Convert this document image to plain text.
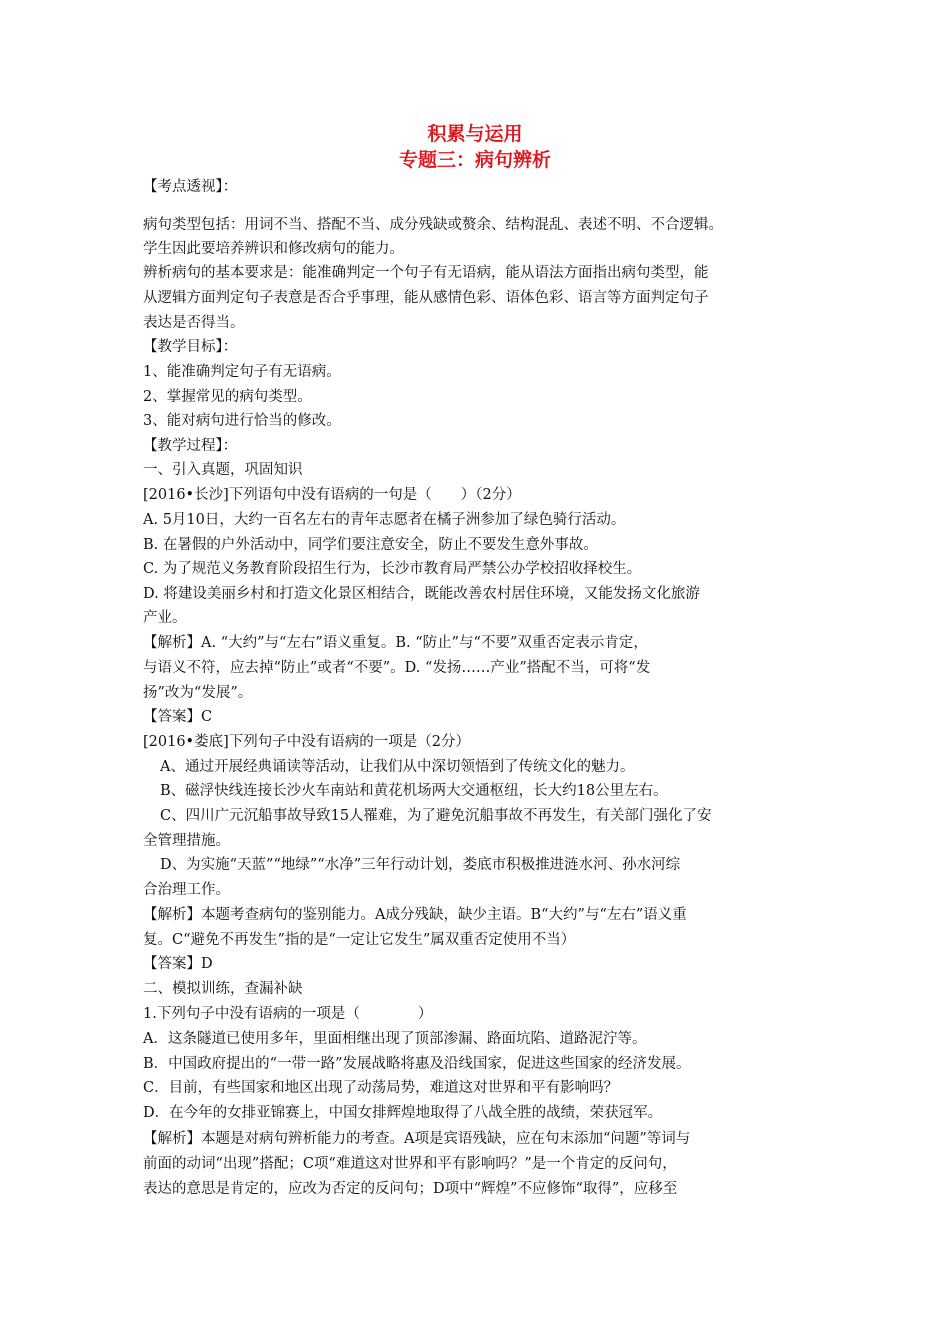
积累与运用
专题三：病句辨析
【考点透视】：
病句类型包括：用词不当、搭配不当、成分残缺或赘余、结构混乱、表述不明、不合逻辑。
学生因此要培养辨识和修改病句的能力。
辨析病句的基本要求是：能准确判定一个句子有无语病，能从语法方面指出病句类型，能
从逻辑方面判定句子表意是否合乎事理，能从感情色彩、语体色彩、语言等方面判定句子
表达是否得当。
【教学目标】：
1、能准确判定句子有无语病。
2、掌握常见的病句类型。
3、能对病句进行恰当的修改。
【教学过程】：
一、引入真题，巩固知识
[2016•长沙]下列语句中没有语病的一句是（　　）（2分）
A. 5月10日，大约一百名左右的青年志愿者在橘子洲参加了绿色骑行活动。
B. 在暑假的户外活动中，同学们要注意安全，防止不要发生意外事故。
C. 为了规范义务教育阶段招生行为，长沙市教育局严禁公办学校招收择校生。
D. 将建设美丽乡村和打造文化景区相结合，既能改善农村居住环境，又能发扬文化旅游
产业。
【解析】A. “大约”与“左右”语义重复。B. “防止”与“不要”双重否定表示肯定，
与语义不符，应去掉“防止”或者“不要”。D. “发扬……产业”搭配不当，可将“发
扬”改为“发展”。
【答案】C
[2016•娄底]下列句子中没有语病的一项是（2分）
A、通过开展经典诵读等活动，让我们从中深切领悟到了传统文化的魅力。
B、磁浮快线连接长沙火车南站和黄花机场两大交通枢纽，长大约18公里左右。
C、四川广元沉船事故导致15人罹难，为了避免沉船事故不再发生，有关部门强化了安
全管理措施。
D、为实施“天蓝”“地绿”“水净”三年行动计划，娄底市积极推进涟水河、孙水河综
合治理工作。
【解析】本题考查病句的鉴别能力。A成分残缺，缺少主语。B“大约”与“左右”语义重
复。C“避免不再发生”指的是“一定让它发生”属双重否定使用不当）
【答案】D
二、模拟训练，查漏补缺
1.下列句子中没有语病的一项是（　　　　）
A．这条隧道已使用多年，里面相继出现了顶部渗漏、路面坑陷、道路泥泞等。
B．中国政府提出的“一带一路”发展战略将惠及沿线国家，促进这些国家的经济发展。
C．目前，有些国家和地区出现了动荡局势，难道这对世界和平有影响吗？
D．在今年的女排亚锦赛上，中国女排辉煌地取得了八战全胜的战绩，荣获冠军。
【解析】本题是对病句辨析能力的考查。A项是宾语残缺，应在句末添加“问题”等词与
前面的动词“出现”搭配；C项“难道这对世界和平有影响吗？”是一个肯定的反问句，
表达的意思是肯定的，应改为否定的反问句；D项中“辉煌”不应修饰“取得”，应移至
